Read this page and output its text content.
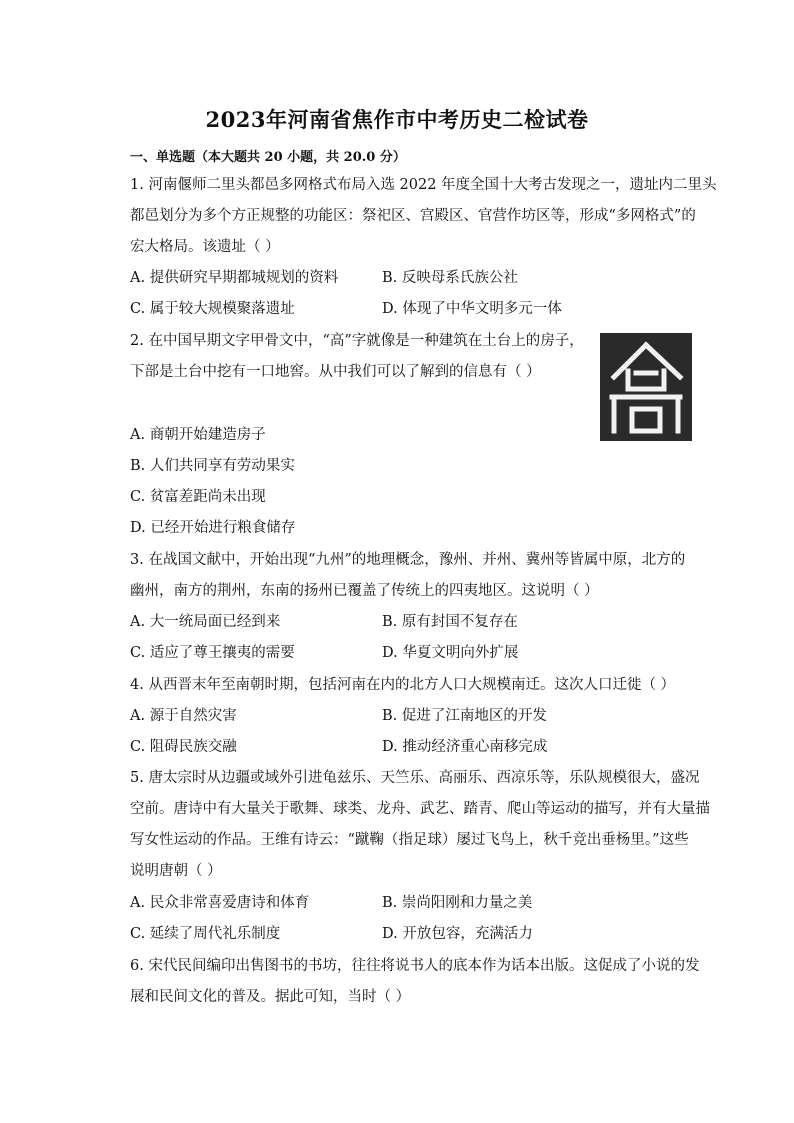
2023年河南省焦作市中考历史二检试卷
一、单选题（本大题共 20 小题，共 20.0 分）
1. 河南偃师二里头都邑多网格式布局入选 2022 年度全国十大考古发现之一，遗址内二里头
都邑划分为多个方正规整的功能区：祭祀区、宫殿区、官营作坊区等，形成“多网格式”的
宏大格局。该遗址（ ）
A. 提供研究早期都城规划的资料	B. 反映母系氏族公社
C. 属于较大规模聚落遗址	D. 体现了中华文明多元一体
2. 在中国早期文字甲骨文中，“高”字就像是一种建筑在土台上的房子，
下部是土台中挖有一口地窖。从中我们可以了解到的信息有（ ）
A. 商朝开始建造房子
B. 人们共同享有劳动果实
C. 贫富差距尚未出现
D. 已经开始进行粮食储存
3. 在战国文献中，开始出现“九州”的地理概念，豫州、并州、冀州等皆属中原，北方的
幽州，南方的荆州，东南的扬州已覆盖了传统上的四夷地区。这说明（ ）
A. 大一统局面已经到来	B. 原有封国不复存在
C. 适应了尊王攘夷的需要	D. 华夏文明向外扩展
4. 从西晋末年至南朝时期，包括河南在内的北方人口大规模南迁。这次人口迁徙（ ）
A. 源于自然灾害	B. 促进了江南地区的开发
C. 阻碍民族交融	D. 推动经济重心南移完成
5. 唐太宗时从边疆或域外引进龟兹乐、天竺乐、高丽乐、西凉乐等，乐队规模很大，盛况
空前。唐诗中有大量关于歌舞、球类、龙舟、武艺、踏青、爬山等运动的描写，并有大量描
写女性运动的作品。王维有诗云：“蹴鞠（指足球）屡过飞鸟上，秋千竞出垂杨里。”这些
说明唐朝（ ）
A. 民众非常喜爱唐诗和体育	B. 崇尚阳刚和力量之美
C. 延续了周代礼乐制度	D. 开放包容，充满活力
6. 宋代民间编印出售图书的书坊，往往将说书人的底本作为话本出版。这促成了小说的发
展和民间文化的普及。据此可知，当时（ ）
